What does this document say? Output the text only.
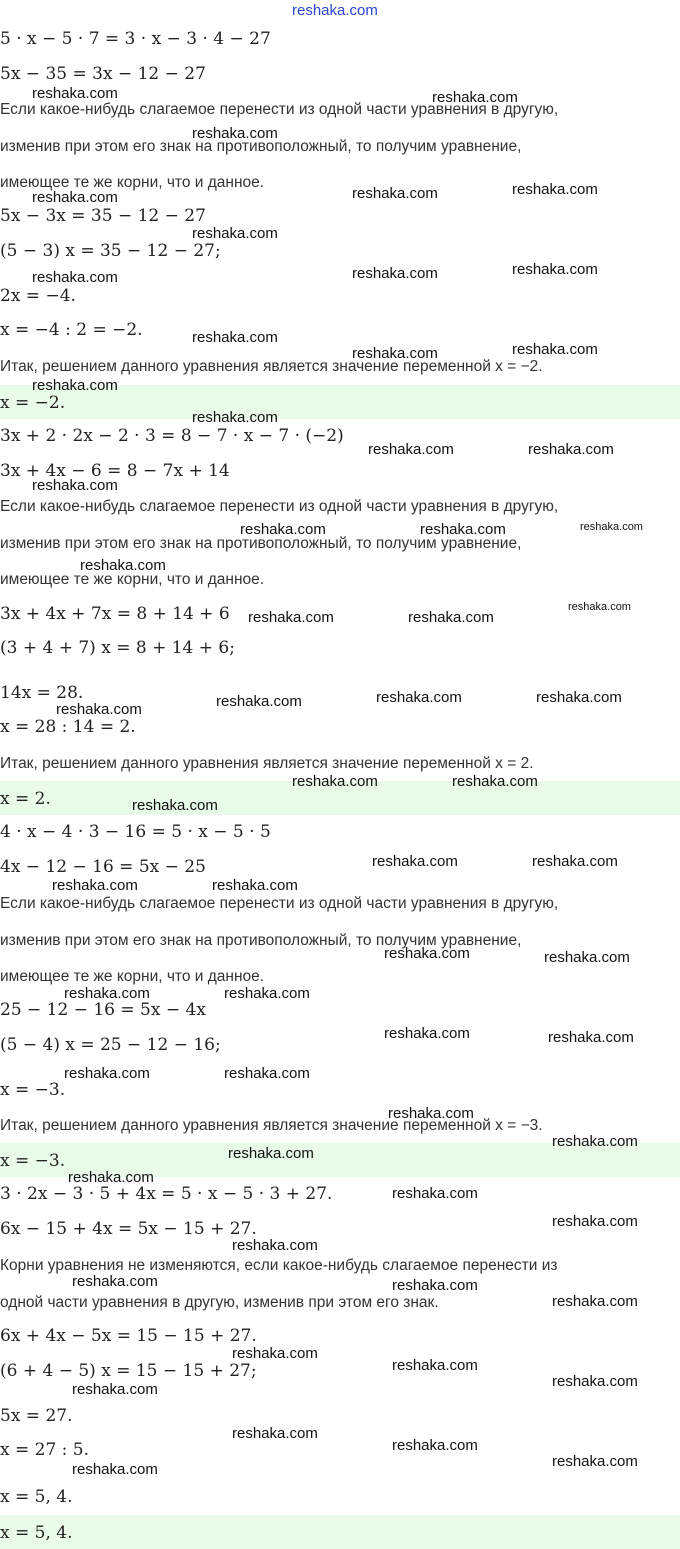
reshaka.com
5 · x − 5 · 7 = 3 · x − 3 · 4 − 27
5x − 35 = 3x − 12 − 27
Если какое-нибудь слагаемое перенести из одной части уравнения в другую,
изменив при этом его знак на противоположный, то получим уравнение,
имеющее те же корни, что и данное.
5x − 3x = 35 − 12 − 27
(5 − 3) x = 35 − 12 − 27;
2x = −4.
x = −4 : 2 = −2.
Итак, решением данного уравнения является значение переменной x = −2.
x = −2.
3x + 2 · 2x − 2 · 3 = 8 − 7 · x − 7 · (−2)
3x + 4x − 6 = 8 − 7x + 14
Если какое-нибудь слагаемое перенести из одной части уравнения в другую,
изменив при этом его знак на противоположный, то получим уравнение,
имеющее те же корни, что и данное.
3x + 4x + 7x = 8 + 14 + 6
(3 + 4 + 7) x = 8 + 14 + 6;
14x = 28.
x = 28 : 14 = 2.
Итак, решением данного уравнения является значение переменной x = 2.
x = 2.
4 · x − 4 · 3 − 16 = 5 · x − 5 · 5
4x − 12 − 16 = 5x − 25
Если какое-нибудь слагаемое перенести из одной части уравнения в другую,
изменив при этом его знак на противоположный, то получим уравнение,
имеющее те же корни, что и данное.
25 − 12 − 16 = 5x − 4x
(5 − 4) x = 25 − 12 − 16;
x = −3.
Итак, решением данного уравнения является значение переменной x = −3.
x = −3.
3 · 2x − 3 · 5 + 4x = 5 · x − 5 · 3 + 27.
6x − 15 + 4x = 5x − 15 + 27.
Корни уравнения не изменяются, если какое-нибудь слагаемое перенести из
одной части уравнения в другую, изменив при этом его знак.
6x + 4x − 5x = 15 − 15 + 27.
(6 + 4 − 5) x = 15 − 15 + 27;
5x = 27.
x = 27 : 5.
x = 5, 4.
x = 5, 4.
reshaka.com	reshaka.com
reshaka.com
reshaka.com	reshaka.com	reshaka.com
reshaka.com
reshaka.com	reshaka.com	reshaka.com
reshaka.com
reshaka.com	reshaka.com
reshaka.com
reshaka.com
reshaka.com	reshaka.com
reshaka.com
reshaka.com	reshaka.com	reshaka.com
reshaka.com
reshaka.com	reshaka.com
reshaka.com
reshaka.com	reshaka.com	reshaka.com
reshaka.com
reshaka.com	reshaka.com
reshaka.com
reshaka.com	reshaka.com
reshaka.com	reshaka.com
reshaka.com	reshaka.com
reshaka.com	reshaka.com
reshaka.com	reshaka.com
reshaka.com	reshaka.com
reshaka.com
reshaka.com
reshaka.com
reshaka.com
reshaka.com
reshaka.com
reshaka.com
reshaka.com	reshaka.com
reshaka.com
reshaka.com
reshaka.com
reshaka.com
reshaka.com
reshaka.com
reshaka.com
reshaka.com
reshaka.com
